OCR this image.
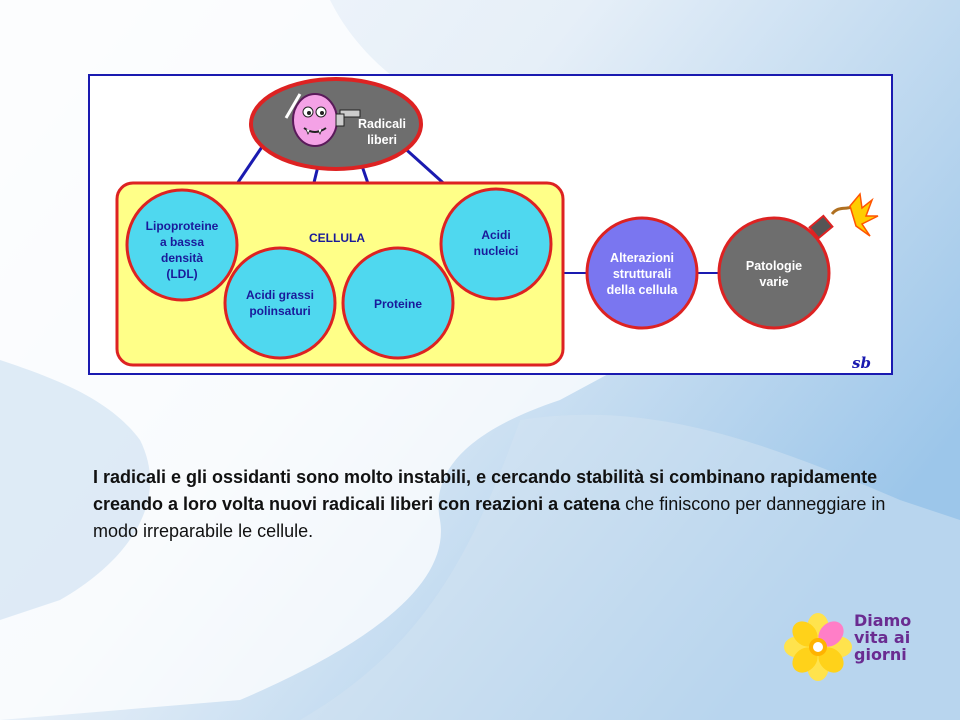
CELLULA
Radicali
liberi
Lipoproteine
a bassa
densità
(LDL)
Acidi grassi
polinsaturi	Proteine
Acidi
nucleici	Alterazioni
strutturali
della cellula
Patologie
varie
sb
I radicali e gli ossidanti sono molto instabili, e cercando stabilità si combinano rapidamente creando a loro volta nuovi radicali liberi con reazioni a catena che finiscono per danneggiare in modo irreparabile le cellule.
Diamo
vita ai
giorni
